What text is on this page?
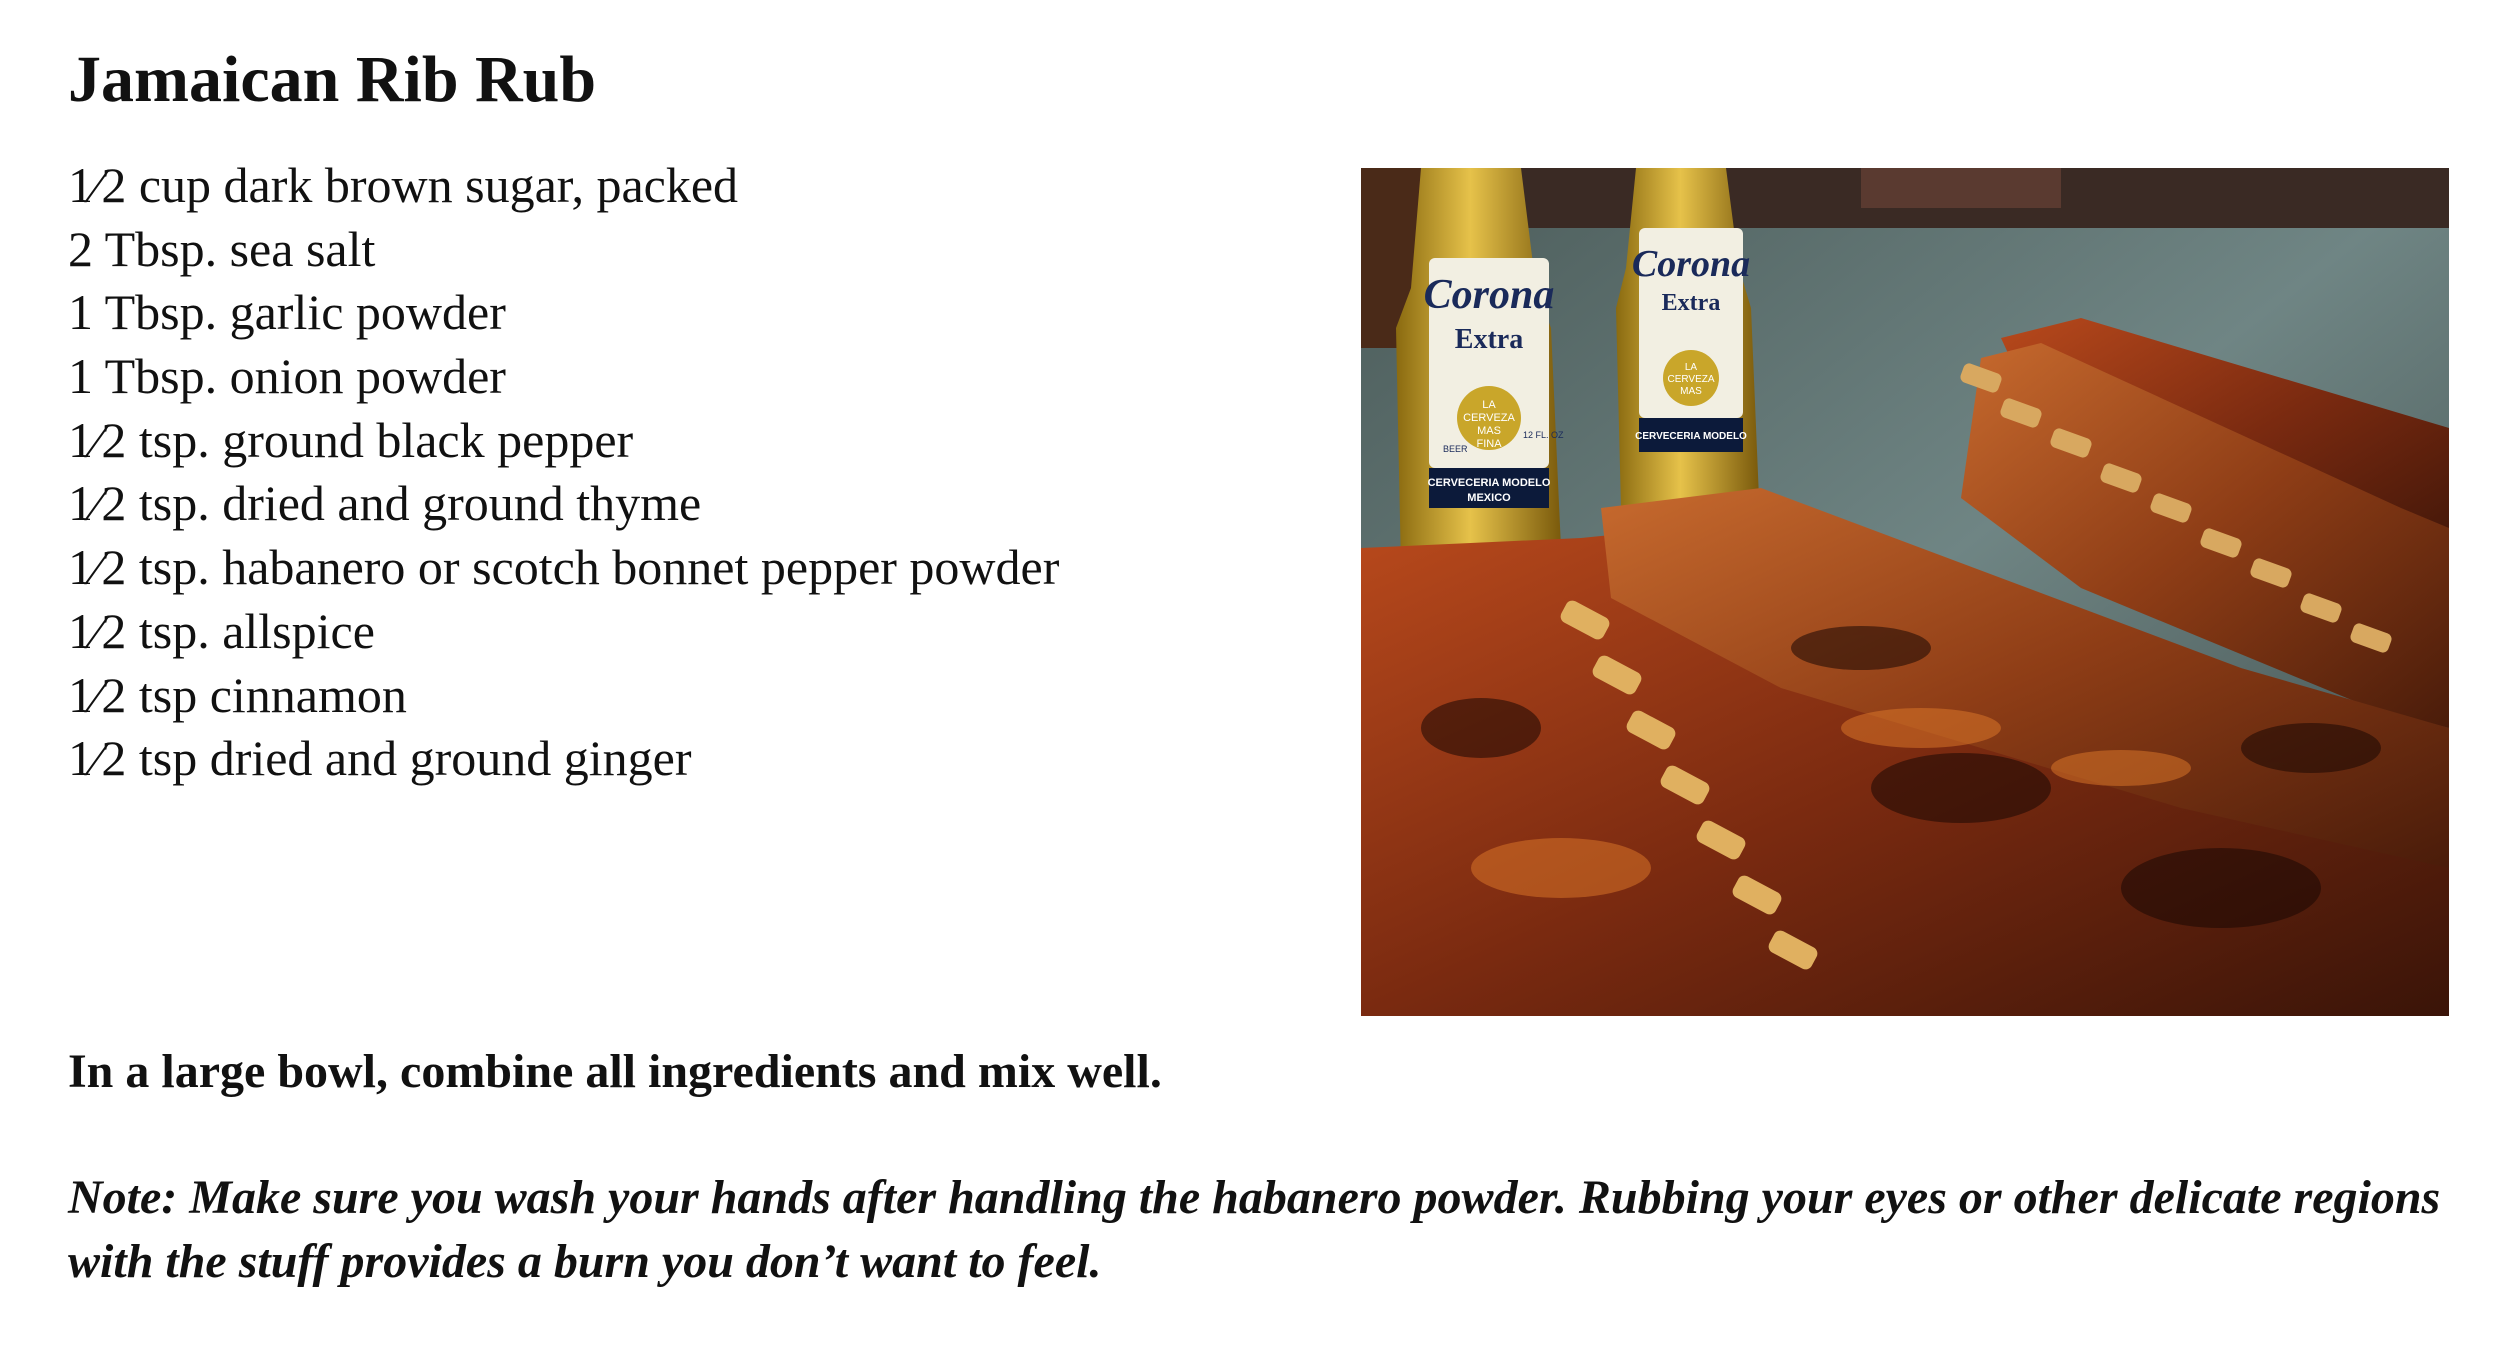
Jamaican Rib Rub
1⁄2 cup dark brown sugar, packed
2 Tbsp. sea salt
1 Tbsp. garlic powder
1 Tbsp. onion powder
1⁄2 tsp. ground black pepper
1⁄2 tsp. dried and ground thyme
1⁄2 tsp. habanero or scotch bonnet pepper powder
1⁄2 tsp. allspice
1⁄2 tsp cinnamon
1⁄2 tsp dried and ground ginger
Corona
Extra
LA
CERVEZA
MAS
FINA
CERVECERIA MODELO
MEXICO
BEER
12 FL. OZ
Corona
Extra
LA
CERVEZA
MAS
CERVECERIA MODELO

In a large bowl, combine all ingredients and mix well.

Note: Make sure you wash your hands after handling the habanero powder. Rubbing your eyes or other delicate regions with the stuff provides a burn you don’t want to feel.
